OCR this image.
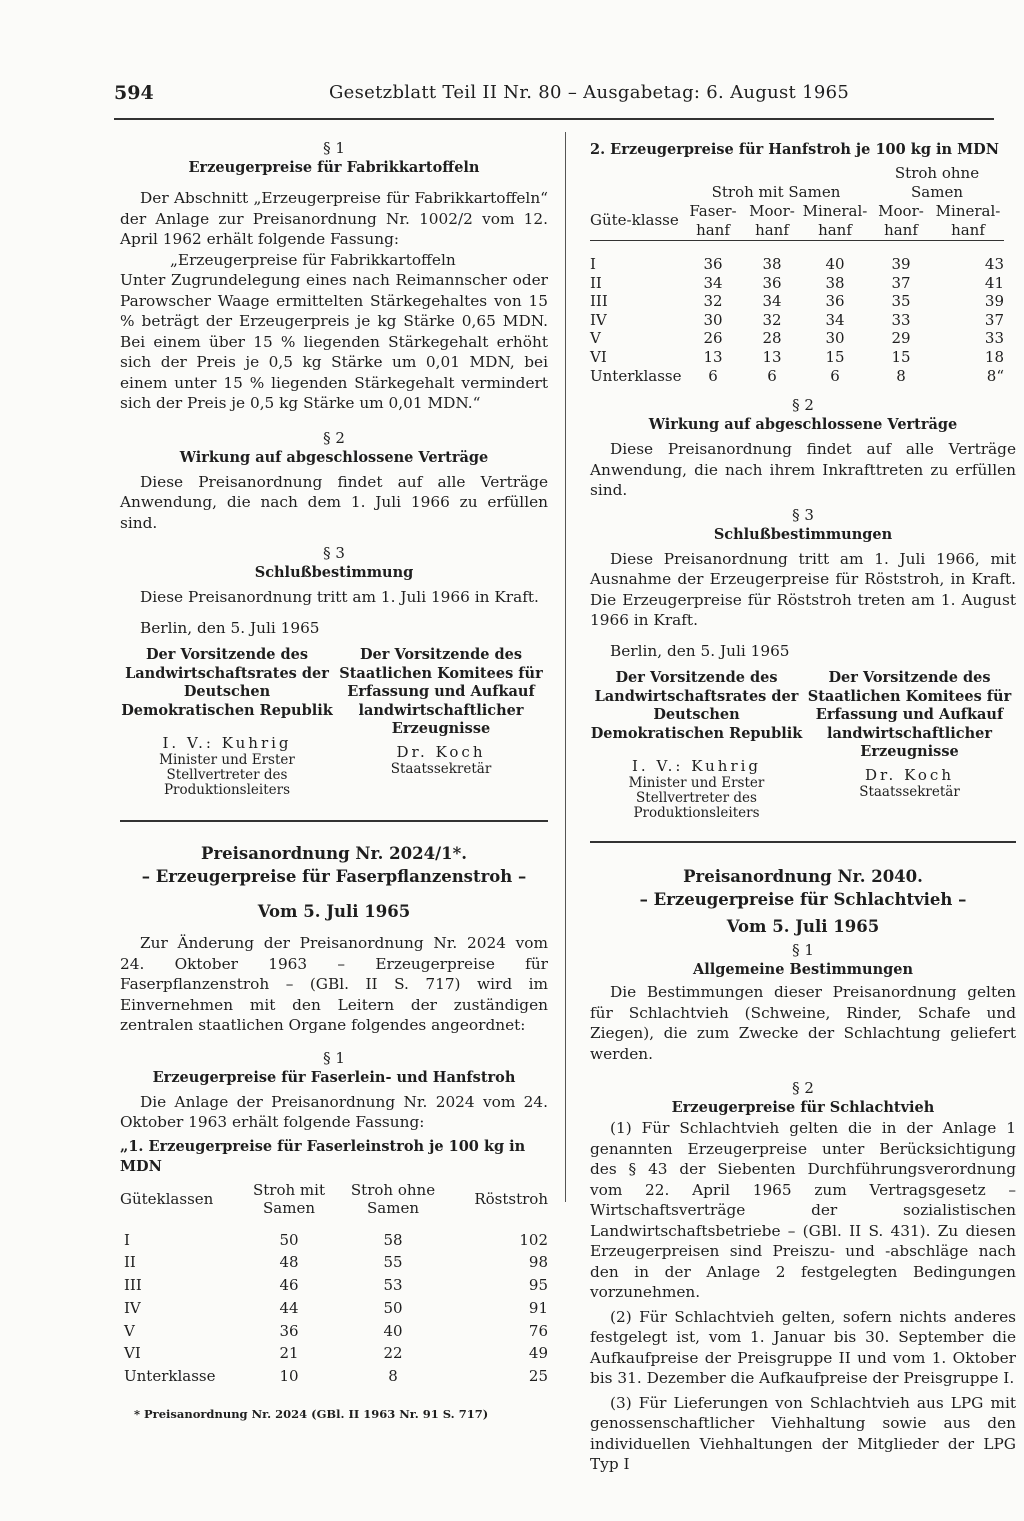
594	Gesetzblatt Teil II Nr. 80 – Ausgabetag: 6. August 1965

§ 1

Erzeugerpreise für Fabrikkartoffeln

Der Abschnitt „Erzeugerpreise für Fabrikkartoffeln“ der Anlage zur Preisanordnung Nr. 1002/2 vom 12. April 1962 erhält folgende Fassung:

„Erzeugerpreise für Fabrikkartoffeln

Unter Zugrundelegung eines nach Reimannscher oder Parowscher Waage ermittelten Stärkegehaltes von 15 % beträgt der Erzeugerpreis je kg Stärke 0,65 MDN. Bei einem über 15 % liegenden Stärkegehalt erhöht sich der Preis je 0,5 kg Stärke um 0,01 MDN, bei einem unter 15 % liegenden Stärkegehalt vermindert sich der Preis je 0,5 kg Stärke um 0,01 MDN.“

§ 2

Wirkung auf abgeschlossene Verträge

Diese Preisanordnung findet auf alle Verträge Anwendung, die nach dem 1. Juli 1966 zu erfüllen sind.

§ 3

Schlußbestimmung

Diese Preisanordnung tritt am 1. Juli 1966 in Kraft.

Berlin, den 5. Juli 1965

Der Vorsitzende des Landwirtschaftsrates der Deutschen Demokratischen Republik
I. V.: Kuhrig
Minister und Erster Stellvertreter des Produktionsleiters
Der Vorsitzende des Staatlichen Komitees für Erfassung und Aufkauf landwirtschaftlicher Erzeugnisse
Dr. Koch
Staatssekretär

Preisanordnung Nr. 2024/1*.

– Erzeugerpreise für Faserpflanzenstroh –

Vom 5. Juli 1965

Zur Änderung der Preisanordnung Nr. 2024 vom 24. Oktober 1963 – Erzeugerpreise für Faserpflanzenstroh – (GBl. II S. 717) wird im Einvernehmen mit den Leitern der zuständigen zentralen staatlichen Organe folgendes angeordnet:

§ 1

Erzeugerpreise für Faserlein- und Hanfstroh

Die Anlage der Preisanordnung Nr. 2024 vom 24. Oktober 1963 erhält folgende Fassung:

„1. Erzeugerpreise für Faserleinstroh je 100 kg in MDN

Güteklassen	Stroh mit Samen	Stroh ohne Samen	Röststroh
I	50	58	102
II	48	55	98
III	46	53	95
IV	44	50	91
V	36	40	76
VI	21	22	49
Unterklasse	10	8	25
* Preisanordnung Nr. 2024 (GBl. II 1963 Nr. 91 S. 717)

2. Erzeugerpreise für Hanfstroh je 100 kg in MDN

	Stroh mit Samen			Stroh ohne Samen	
Güte-klasse	Faser-hanf	Moor-hanf	Mineral-hanf	Moor-hanf	Mineral-hanf
I	36	38	40	39	43
II	34	36	38	37	41
III	32	34	36	35	39
IV	30	32	34	33	37
V	26	28	30	29	33
VI	13	13	15	15	18
Unterklasse	6	6	6	8	8“

§ 2

Wirkung auf abgeschlossene Verträge

Diese Preisanordnung findet auf alle Verträge Anwendung, die nach ihrem Inkrafttreten zu erfüllen sind.

§ 3

Schlußbestimmungen

Diese Preisanordnung tritt am 1. Juli 1966, mit Ausnahme der Erzeugerpreise für Röststroh, in Kraft. Die Erzeugerpreise für Röststroh treten am 1. August 1966 in Kraft.

Berlin, den 5. Juli 1965

Der Vorsitzende des Landwirtschaftsrates der Deutschen Demokratischen Republik
I. V.: Kuhrig
Minister und Erster Stellvertreter des Produktionsleiters
Der Vorsitzende des Staatlichen Komitees für Erfassung und Aufkauf landwirtschaftlicher Erzeugnisse
Dr. Koch
Staatssekretär

Preisanordnung Nr. 2040.

– Erzeugerpreise für Schlachtvieh –

Vom 5. Juli 1965

§ 1

Allgemeine Bestimmungen

Die Bestimmungen dieser Preisanordnung gelten für Schlachtvieh (Schweine, Rinder, Schafe und Ziegen), die zum Zwecke der Schlachtung geliefert werden.

§ 2

Erzeugerpreise für Schlachtvieh

(1) Für Schlachtvieh gelten die in der Anlage 1 genannten Erzeugerpreise unter Berücksichtigung des § 43 der Siebenten Durchführungsverordnung vom 22. April 1965 zum Vertragsgesetz – Wirtschaftsverträge der sozialistischen Landwirtschaftsbetriebe – (GBl. II S. 431). Zu diesen Erzeugerpreisen sind Preiszu- und -abschläge nach den in der Anlage 2 festgelegten Bedingungen vorzunehmen.

(2) Für Schlachtvieh gelten, sofern nichts anderes festgelegt ist, vom 1. Januar bis 30. September die Aufkaufpreise der Preisgruppe II und vom 1. Oktober bis 31. Dezember die Aufkaufpreise der Preisgruppe I.

(3) Für Lieferungen von Schlachtvieh aus LPG mit genossenschaftlicher Viehhaltung sowie aus den individuellen Viehhaltungen der Mitglieder der LPG Typ I
